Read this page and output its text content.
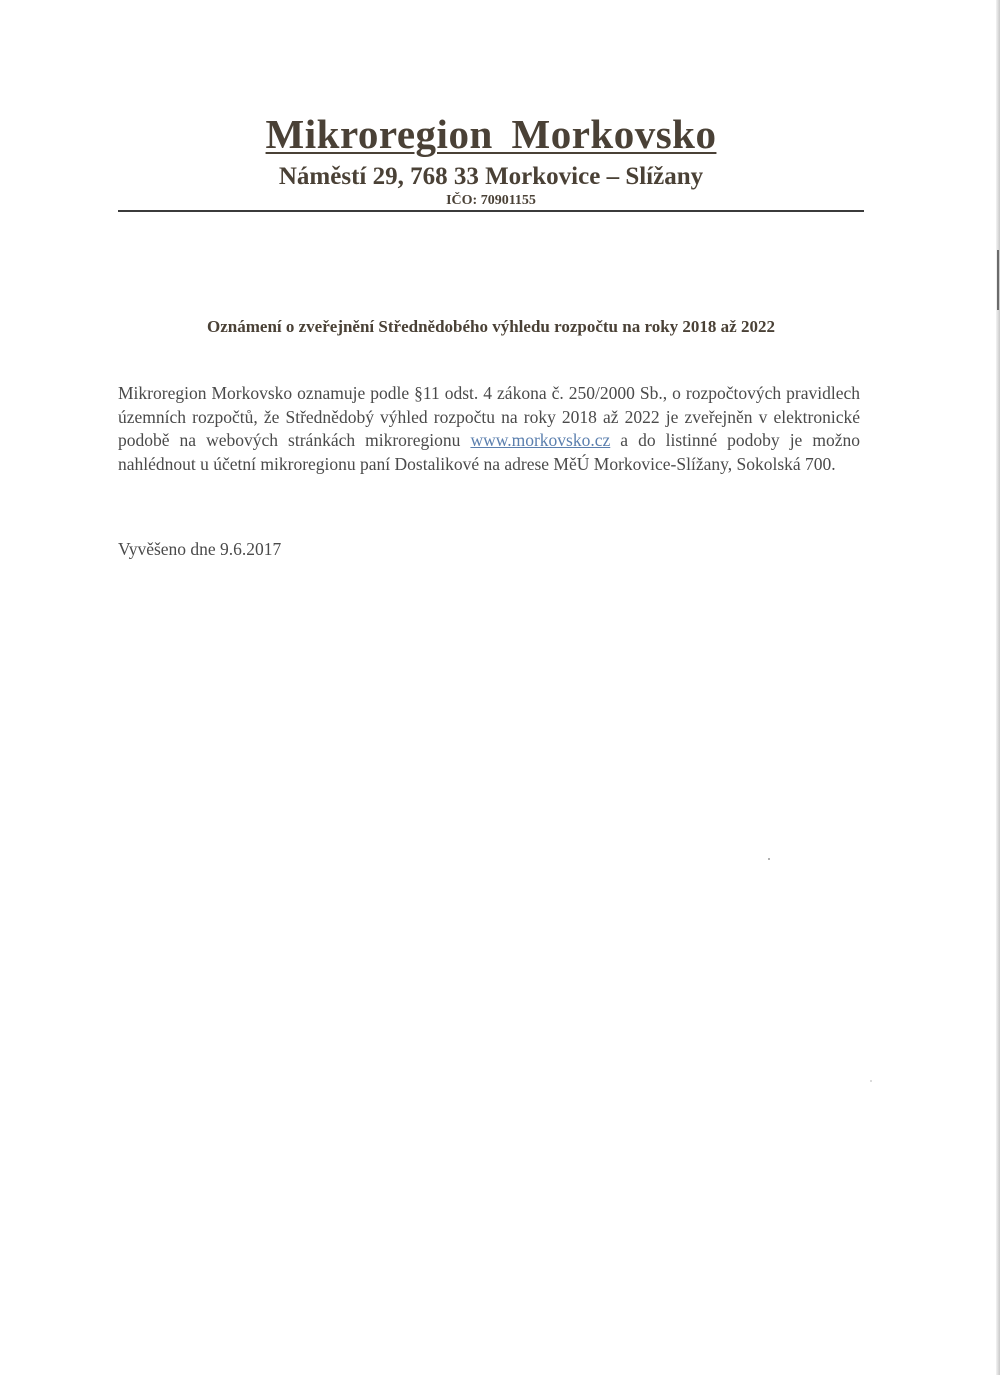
Mikroregion Morkovsko
Náměstí 29, 768 33 Morkovice – Slížany
IČO: 70901155
Oznámení o zveřejnění Střednědobého výhledu rozpočtu na roky 2018 až 2022

Mikroregion Morkovsko oznamuje podle §11 odst. 4 zákona č. 250/2000 Sb., o rozpočtových pravidlech územních rozpočtů, že Střednědobý výhled rozpočtu na roky 2018 až 2022 je zveřejněn v elektronické podobě na webových stránkách mikroregionu www.morkovsko.cz a do listinné podoby je možno nahlédnout u účetní mikroregionu paní Dostalikové na adrese MěÚ Morkovice-Slížany, Sokolská 700.

Vyvěšeno dne 9.6.2017
